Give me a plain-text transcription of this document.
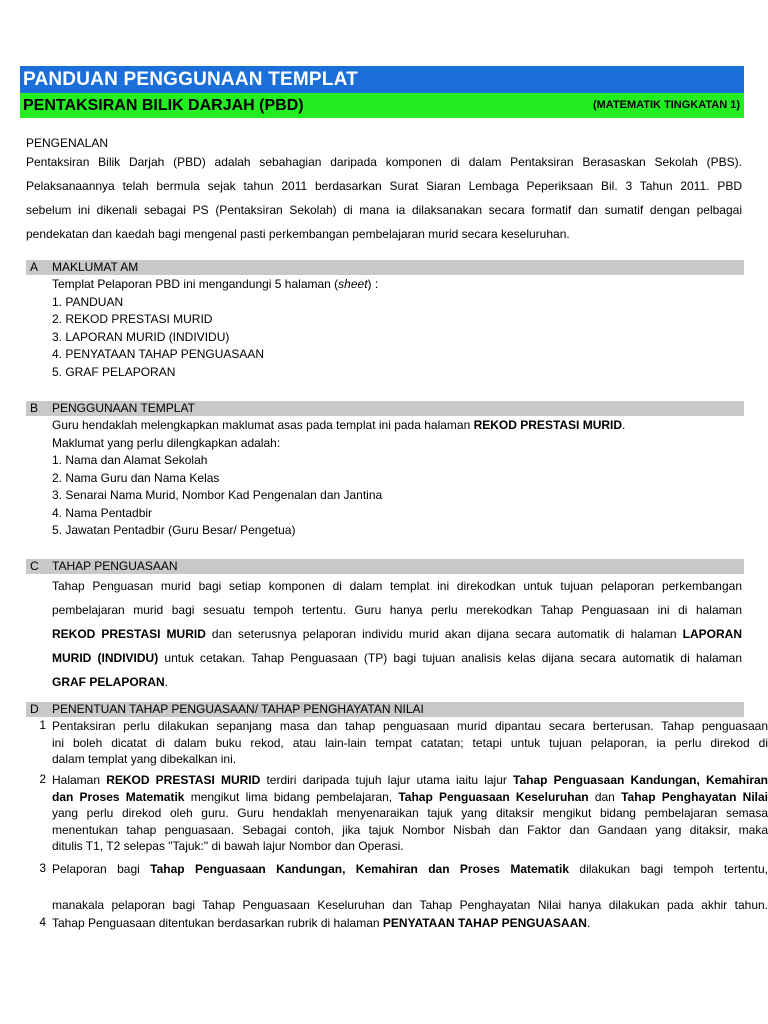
PANDUAN PENGGUNAAN TEMPLAT
PENTAKSIRAN BILIK DARJAH (PBD)	(MATEMATIK TINGKATAN 1)
PENGENALAN
Pentaksiran Bilik Darjah (PBD) adalah sebahagian daripada komponen di dalam Pentaksiran Berasaskan Sekolah (PBS).
Pelaksanaannya telah bermula sejak tahun 2011 berdasarkan Surat Siaran Lembaga Peperiksaan Bil. 3 Tahun 2011. PBD
sebelum ini dikenali sebagai PS (Pentaksiran Sekolah) di mana ia dilaksanakan secara formatif dan sumatif dengan pelbagai
pendekatan dan kaedah bagi mengenal pasti perkembangan pembelajaran murid secara keseluruhan.
A	MAKLUMAT AM
Templat Pelaporan PBD ini mengandungi 5 halaman (sheet) :
1. PANDUAN
2. REKOD PRESTASI MURID
3. LAPORAN MURID (INDIVIDU)
4. PENYATAAN TAHAP PENGUASAAN
5. GRAF PELAPORAN
B	PENGGUNAAN TEMPLAT
Guru hendaklah melengkapkan maklumat asas pada templat ini pada halaman REKOD PRESTASI MURID.
Maklumat yang perlu dilengkapkan adalah:
1. Nama dan Alamat Sekolah
2. Nama Guru dan Nama Kelas
3. Senarai Nama Murid, Nombor Kad Pengenalan dan Jantina
4. Nama Pentadbir
5. Jawatan Pentadbir (Guru Besar/ Pengetua)
C	TAHAP PENGUASAAN
Tahap Penguasan murid bagi setiap komponen di dalam templat ini direkodkan untuk tujuan pelaporan perkembangan
pembelajaran murid bagi sesuatu tempoh tertentu. Guru hanya perlu merekodkan Tahap Penguasaan ini di halaman
REKOD PRESTASI MURID dan seterusnya pelaporan individu murid akan dijana secara automatik di halaman LAPORAN
MURID (INDIVIDU) untuk cetakan. Tahap Penguasaan (TP) bagi tujuan analisis kelas dijana secara automatik di halaman
GRAF PELAPORAN.
D	PENENTUAN TAHAP PENGUASAAN/ TAHAP PENGHAYATAN NILAI
1 Pentaksiran perlu dilakukan sepanjang masa dan tahap penguasaan murid dipantau secara berterusan. Tahap penguasaan
ini boleh dicatat di dalam buku rekod, atau lain-lain tempat catatan; tetapi untuk tujuan pelaporan, ia perlu direkod di
dalam templat yang dibekalkan ini.
2 Halaman REKOD PRESTASI MURID terdiri daripada tujuh lajur utama iaitu lajur Tahap Penguasaan Kandungan, Kemahiran
dan Proses Matematik mengikut lima bidang pembelajaran, Tahap Penguasaan Keseluruhan dan Tahap Penghayatan Nilai
yang perlu direkod oleh guru. Guru hendaklah menyenaraikan tajuk yang ditaksir mengikut bidang pembelajaran semasa
menentukan tahap penguasaan. Sebagai contoh, jika tajuk Nombor Nisbah dan Faktor dan Gandaan yang ditaksir, maka
ditulis T1, T2 selepas "Tajuk:" di bawah lajur Nombor dan Operasi.
3 Pelaporan bagi Tahap Penguasaan Kandungan, Kemahiran dan Proses Matematik dilakukan bagi tempoh tertentu,
manakala pelaporan bagi Tahap Penguasaan Keseluruhan dan Tahap Penghayatan Nilai hanya dilakukan pada akhir tahun.
4 Tahap Penguasaan ditentukan berdasarkan rubrik di halaman PENYATAAN TAHAP PENGUASAAN.
